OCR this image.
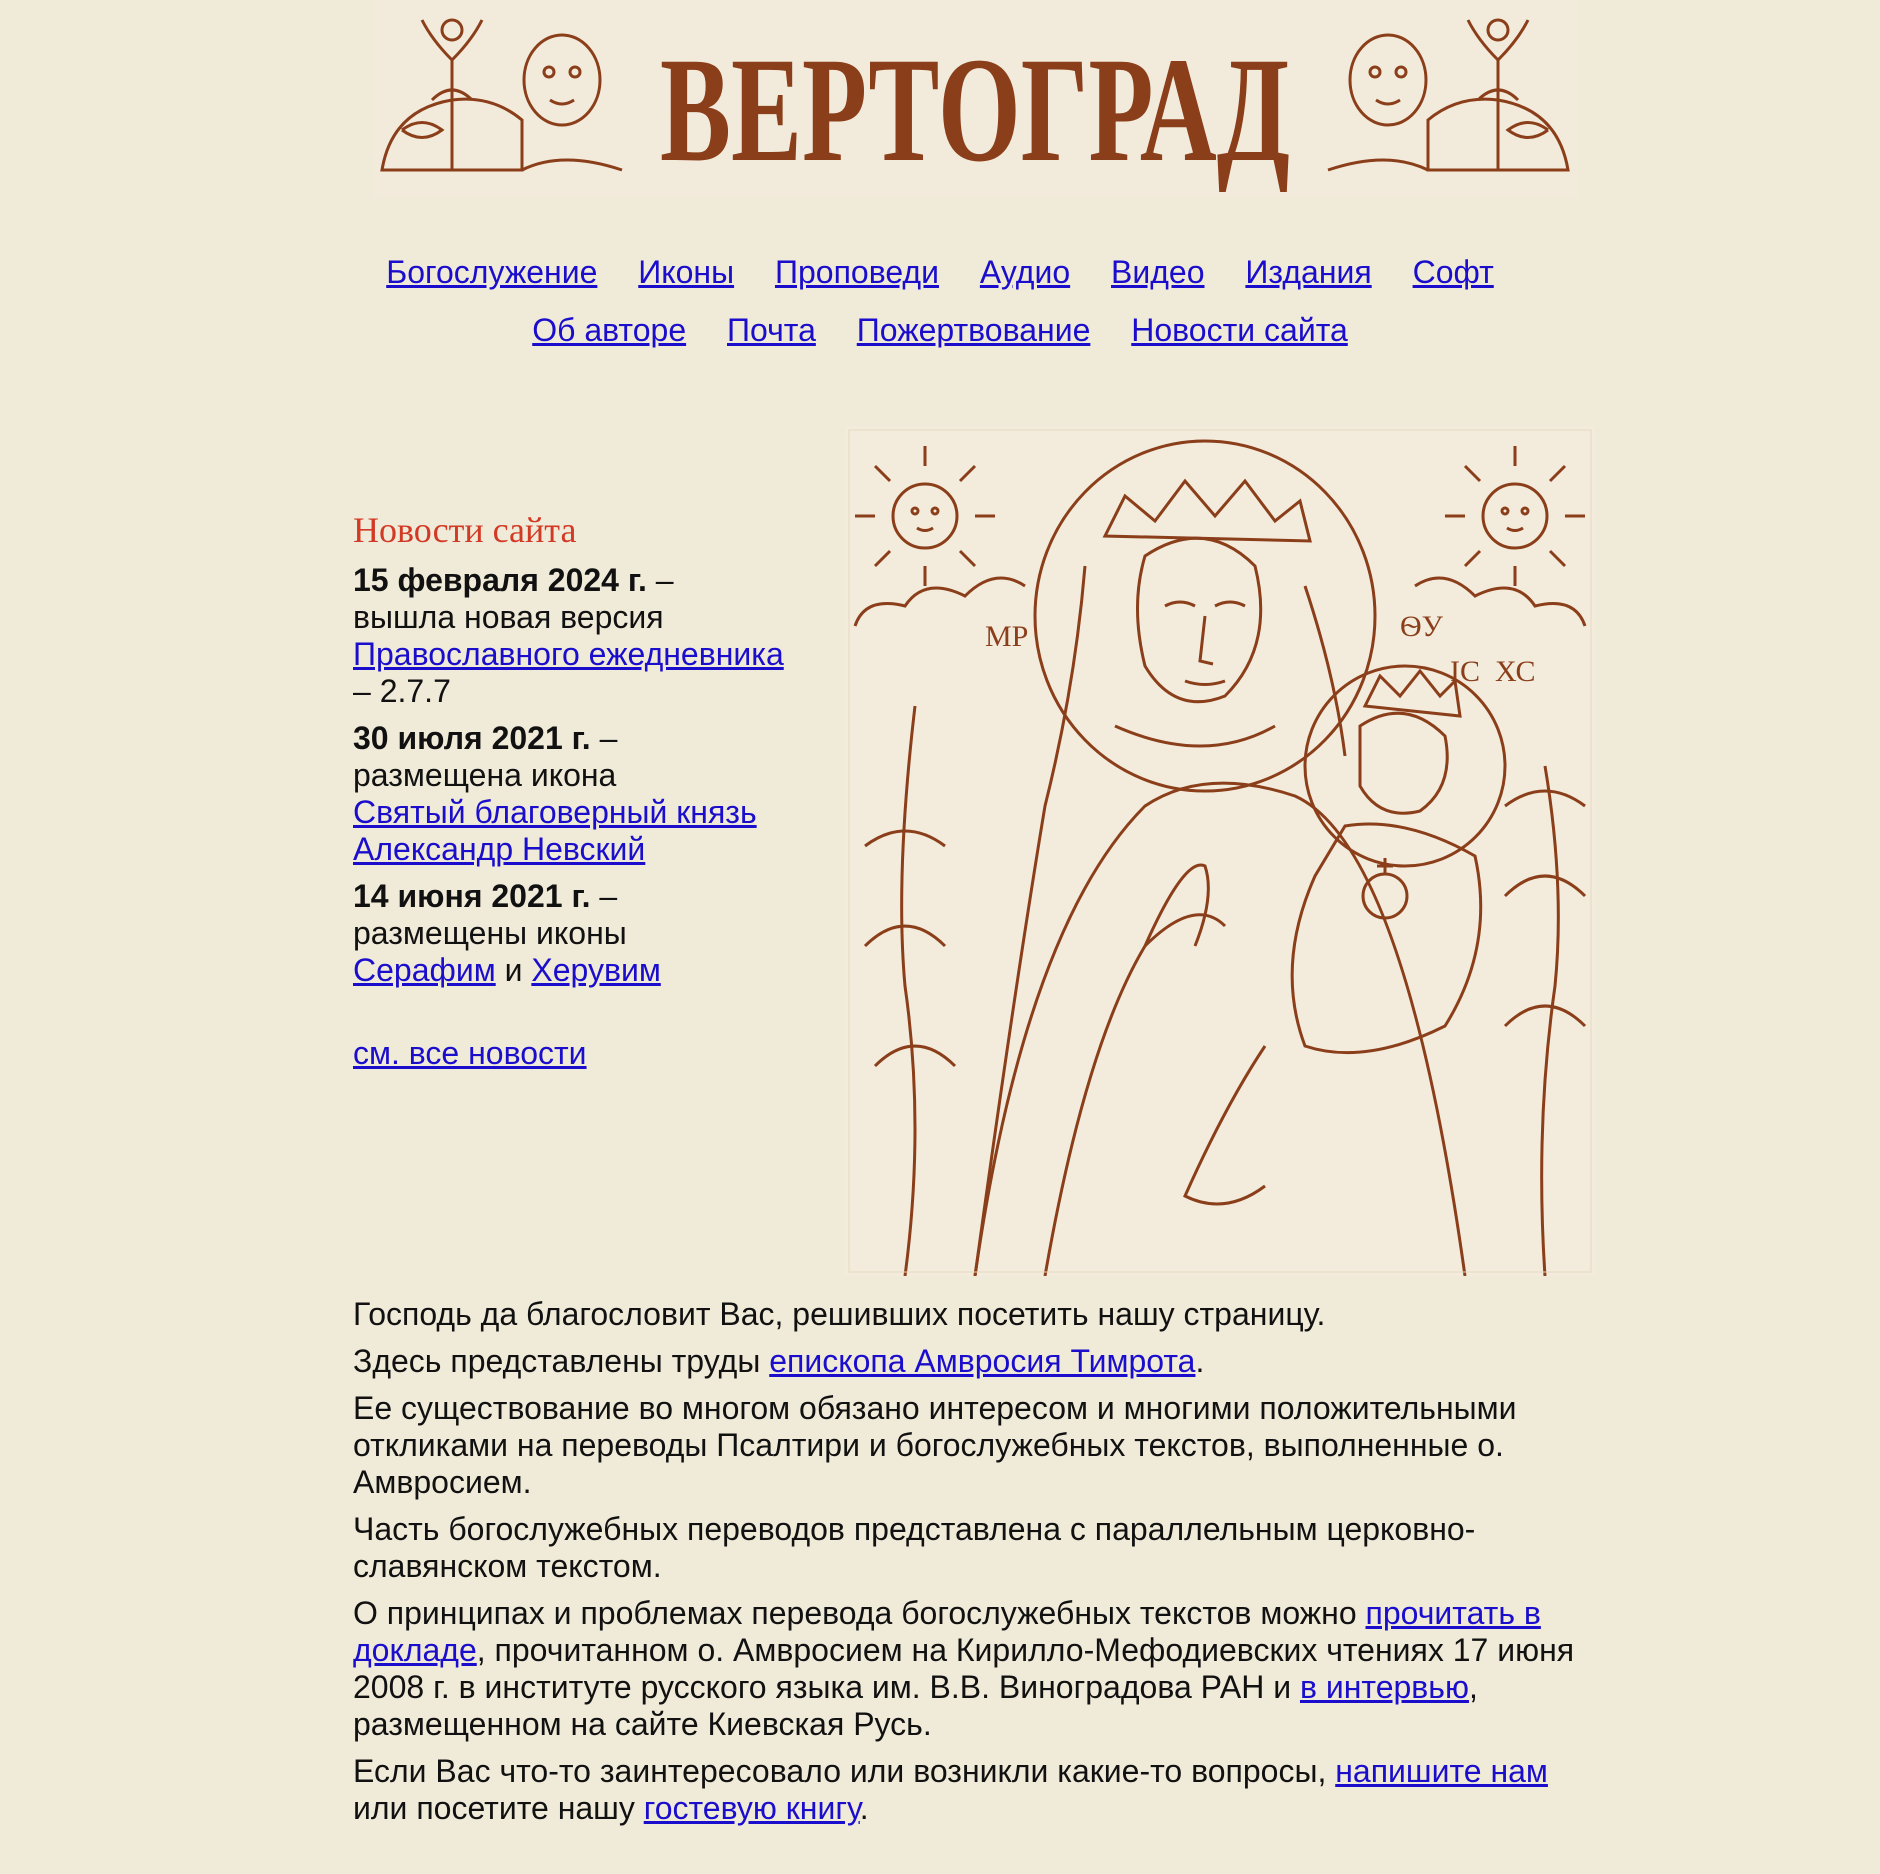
ВЕРТОГРАД
Богослужение Иконы Проповеди Аудио Видео Издания Софт
Об авторе Почта Пожертвование Новости сайта
Новости сайта
15 февраля 2024 г. –
вышла новая версия
Православного ежедневника – 2.7.7
30 июля 2021 г. –
размещена икона
Святый благоверный князь Александр Невский
14 июня 2021 г. –
размещены иконы
Серафим и Херувим
см. все новости
МР	ѲУ
ІС ХС

Господь да благословит Вас, решивших посетить нашу страницу.

Здесь представлены труды епископа Амвросия Тимрота.

Ее существование во многом обязано интересом и многими положительными откликами на переводы Псалтири и богослужебных текстов, выполненные о. Амвросием.

Часть богослужебных переводов представлена с параллельным церковно-славянском текстом.

О принципах и проблемах перевода богослужебных текстов можно прочитать в докладе, прочитанном о. Амвросием на Кирилло-Мефодиевских чтениях 17 июня 2008 г. в институте русского языка им. В.В. Виноградова РАН и в интервью, размещенном на сайте Киевская Русь.

Если Вас что-то заинтересовало или возникли какие-то вопросы, напишите нам или посетите нашу гостевую книгу.
